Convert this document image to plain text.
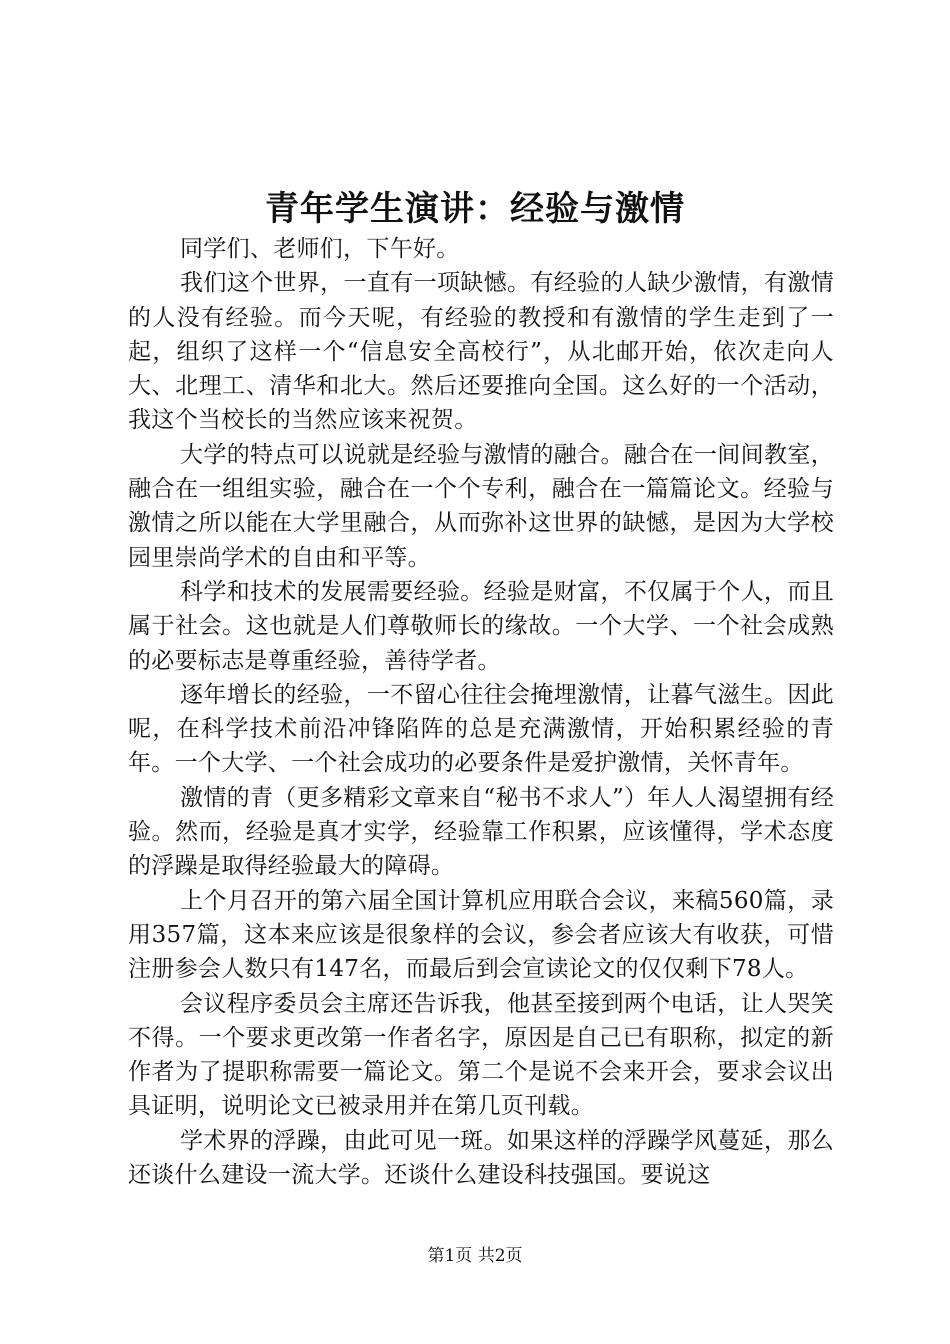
青年学生演讲：经验与激情

同学们、老师们，下午好。

我们这个世界，一直有一项缺憾。有经验的人缺少激情，有激情的人没有经验。而今天呢，有经验的教授和有激情的学生走到了一起，组织了这样一个“信息安全高校行”，从北邮开始，依次走向人大、北理工、清华和北大。然后还要推向全国。这么好的一个活动，我这个当校长的当然应该来祝贺。

大学的特点可以说就是经验与激情的融合。融合在一间间教室，融合在一组组实验，融合在一个个专利，融合在一篇篇论文。经验与激情之所以能在大学里融合，从而弥补这世界的缺憾，是因为大学校园里崇尚学术的自由和平等。

科学和技术的发展需要经验。经验是财富，不仅属于个人，而且属于社会。这也就是人们尊敬师长的缘故。一个大学、一个社会成熟的必要标志是尊重经验，善待学者。

逐年增长的经验，一不留心往往会掩埋激情，让暮气滋生。因此呢，在科学技术前沿冲锋陷阵的总是充满激情，开始积累经验的青年。一个大学、一个社会成功的必要条件是爱护激情，关怀青年。

激情的青（更多精彩文章来自“秘书不求人”）年人人渴望拥有经验。然而，经验是真才实学，经验靠工作积累，应该懂得，学术态度的浮躁是取得经验最大的障碍。

上个月召开的第六届全国计算机应用联合会议，来稿560篇，录用357篇，这本来应该是很象样的会议，参会者应该大有收获，可惜注册参会人数只有147名，而最后到会宣读论文的仅仅剩下78人。

会议程序委员会主席还告诉我，他甚至接到两个电话，让人哭笑不得。一个要求更改第一作者名字，原因是自己已有职称，拟定的新作者为了提职称需要一篇论文。第二个是说不会来开会，要求会议出具证明，说明论文已被录用并在第几页刊载。

学术界的浮躁，由此可见一斑。如果这样的浮躁学风蔓延，那么还谈什么建设一流大学。还谈什么建设科技强国。要说这

第1页 共2页
